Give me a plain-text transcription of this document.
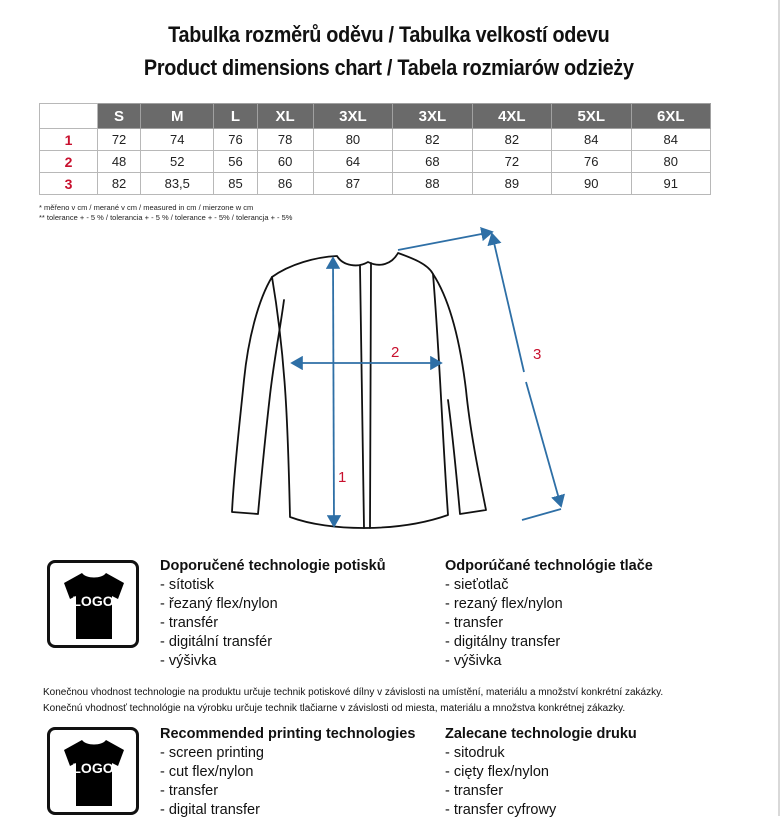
Tabulka rozměrů oděvu / Tabulka velkostí odevu
Product dimensions chart / Tabela rozmiarów odzieży
	S	M	L	XL	3XL	3XL	4XL	5XL	6XL
1	72	74	76	78	80	82	82	84	84
2	48	52	56	60	64	68	72	76	80
3	82	83,5	85	86	87	88	89	90	91
* měřeno v cm / merané v cm / measured in cm / mierzone w cm
** tolerance + - 5 % / tolerancia + - 5 % / tolerance + - 5% / tolerancja + - 5%
2
1
3
LOGO
Doporučené technologie potisků
- sítotisk
- řezaný flex/nylon
- transfér
- digitální transfér
- výšivka
Odporúčané technológie tlače
- sieťotlač
- rezaný flex/nylon
- transfer
- digitálny transfer
- výšivka
Konečnou vhodnost technologie na produktu určuje technik potiskové dílny v závislosti na umístění, materiálu a množství konkrétní zakázky.
Konečnú vhodnosť technológie na výrobku určuje technik tlačiarne v závislosti od miesta, materiálu a množstva konkrétnej zákazky.
LOGO
Recommended printing technologies
- screen printing
- cut flex/nylon
- transfer
- digital transfer
Zalecane technologie druku
- sitodruk
- cięty flex/nylon
- transfer
- transfer cyfrowy
